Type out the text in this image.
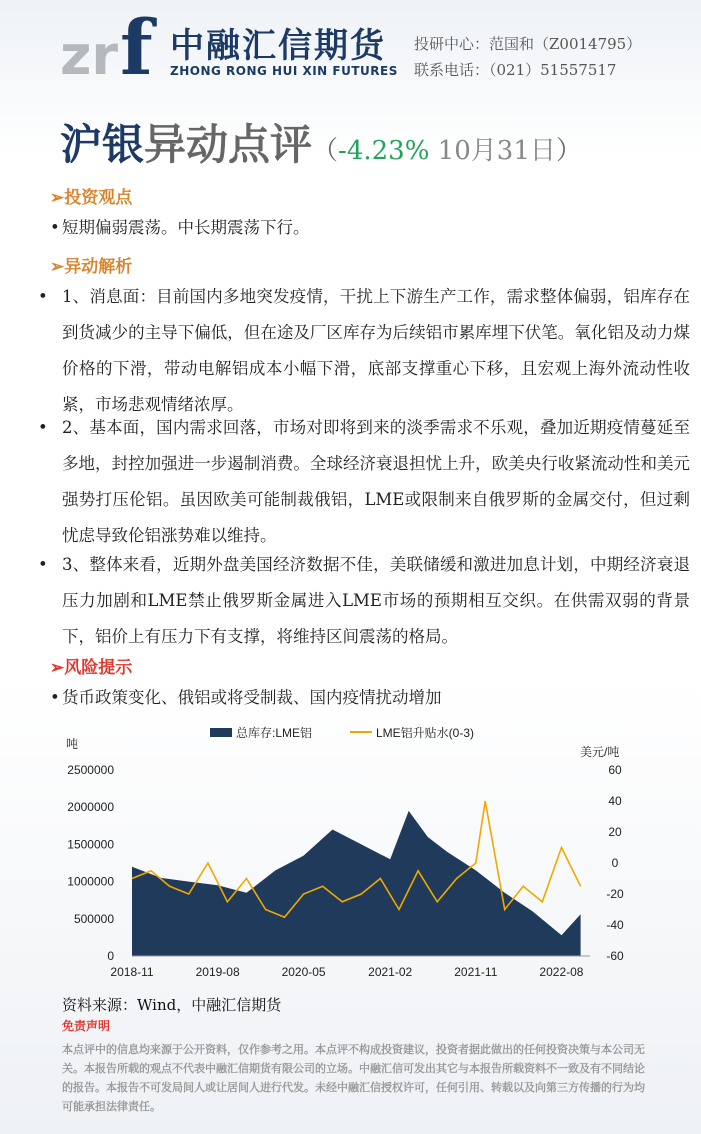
zr f 中融汇信期货
ZHONG RONG HUI XIN FUTURES
投研中心：范国和（Z0014795）
联系电话：（021）51557517
沪银异动点评（-4.23% 10月31日）
➢投资观点
• 短期偏弱震荡。中长期震荡下行。
➢异动解析
• 1、消息面：目前国内多地突发疫情，干扰上下游生产工作，需求整体偏弱，铝库存在到货减少的主导下偏低，但在途及厂区库存为后续铝市累库埋下伏笔。氧化铝及动力煤价格的下滑，带动电解铝成本小幅下滑，底部支撑重心下移，且宏观上海外流动性收紧，市场悲观情绪浓厚。
• 2、基本面，国内需求回落，市场对即将到来的淡季需求不乐观，叠加近期疫情蔓延至多地，封控加强进一步遏制消费。全球经济衰退担忧上升，欧美央行收紧流动性和美元强势打压伦铝。虽因欧美可能制裁俄铝，LME或限制来自俄罗斯的金属交付，但过剩忧虑导致伦铝涨势难以维持。
• 3、整体来看，近期外盘美国经济数据不佳，美联储缓和激进加息计划，中期经济衰退压力加剧和LME禁止俄罗斯金属进入LME市场的预期相互交织。在供需双弱的背景下，铝价上有压力下有支撑，将维持区间震荡的格局。
➢风险提示
• 货币政策变化、俄铝或将受制裁、国内疫情扰动增加
总库存:LME铝	LME铝升贴水(0-3)
吨
美元/吨
0
500000
1000000
1500000
2000000
2500000
-60
-40
-20
0
20
40
60
2018-11	2019-08	2020-05	2021-02	2021-11	2022-08
资料来源：Wind，中融汇信期货
免责声明
本点评中的信息均来源于公开资料，仅作参考之用。本点评不构成投资建议，投资者据此做出的任何投资决策与本公司无关。本报告所载的观点不代表中融汇信期货有限公司的立场。中融汇信可发出其它与本报告所载资料不一致及有不同结论的报告。本报告不可发局间人或让居间人进行代发。未经中融汇信授权许可，任何引用、转载以及向第三方传播的行为均可能承担法律责任。
